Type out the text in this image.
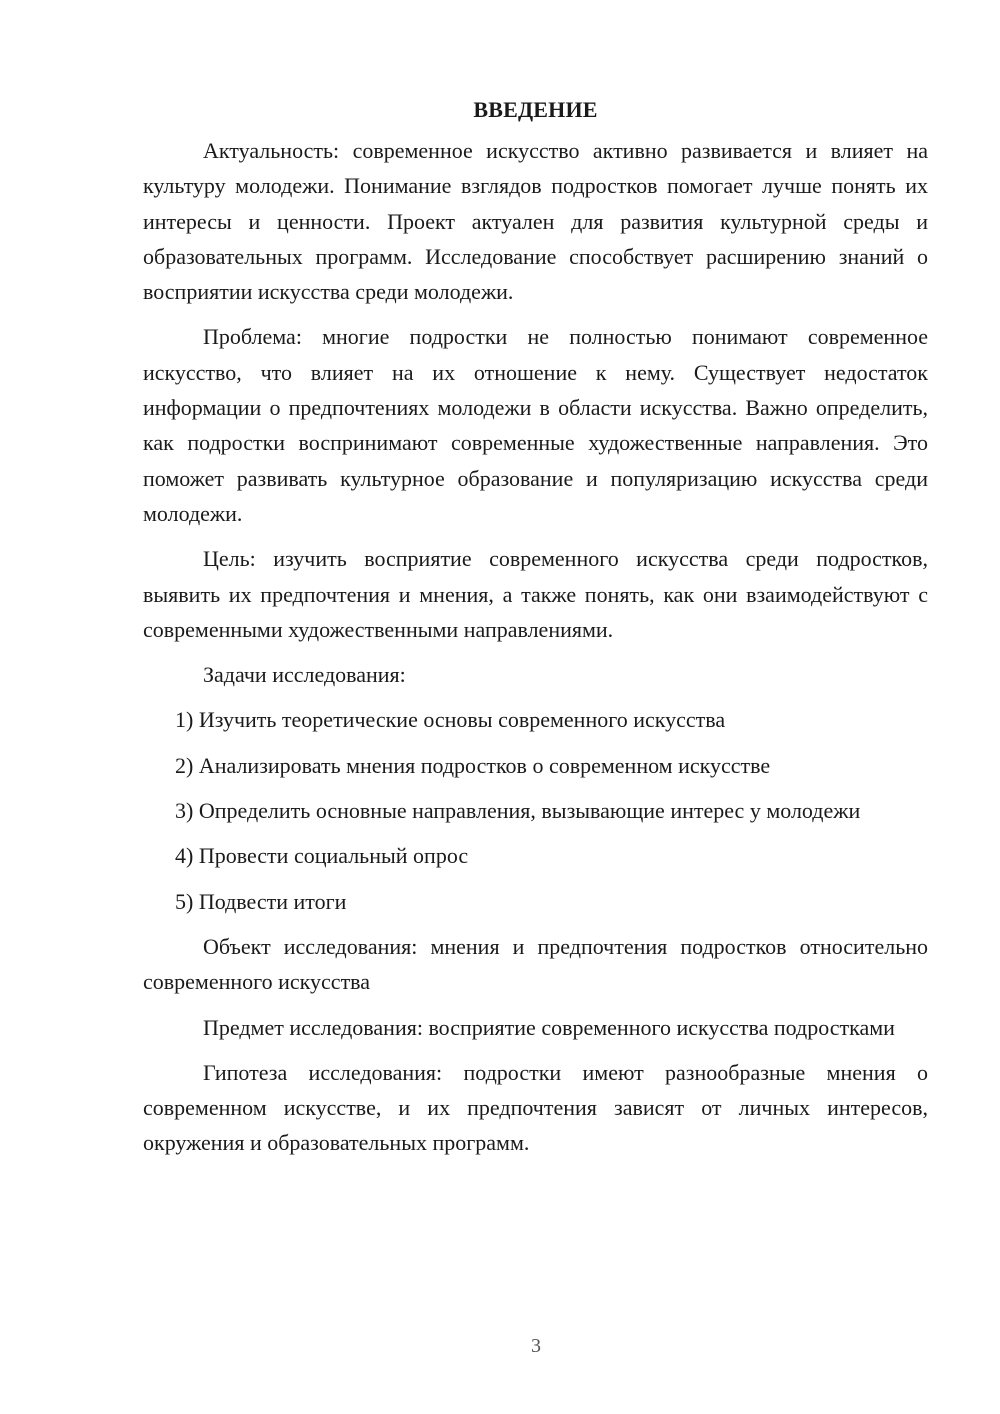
ВВЕДЕНИЕ

Актуальность: современное искусство активно развивается и влияет на культуру молодежи. Понимание взглядов подростков помогает лучше понять их интересы и ценности. Проект актуален для развития культурной среды и образовательных программ. Исследование способствует расширению знаний о восприятии искусства среди молодежи.

Проблема: многие подростки не полностью понимают современное искусство, что влияет на их отношение к нему. Существует недостаток информации о предпочтениях молодежи в области искусства. Важно определить, как подростки воспринимают современные художественные направления. Это поможет развивать культурное образование и популяризацию искусства среди молодежи.

Цель: изучить восприятие современного искусства среди подростков, выявить их предпочтения и мнения, а также понять, как они взаимодействуют с современными художественными направлениями.

Задачи исследования:

1) Изучить теоретические основы современного искусства

2) Анализировать мнения подростков о современном искусстве

3) Определить основные направления, вызывающие интерес у молодежи

4) Провести социальный опрос

5) Подвести итоги

Объект исследования: мнения и предпочтения подростков относительно современного искусства

Предмет исследования: восприятие современного искусства подростками

Гипотеза исследования: подростки имеют разнообразные мнения о современном искусстве, и их предпочтения зависят от личных интересов, окружения и образовательных программ.

3
